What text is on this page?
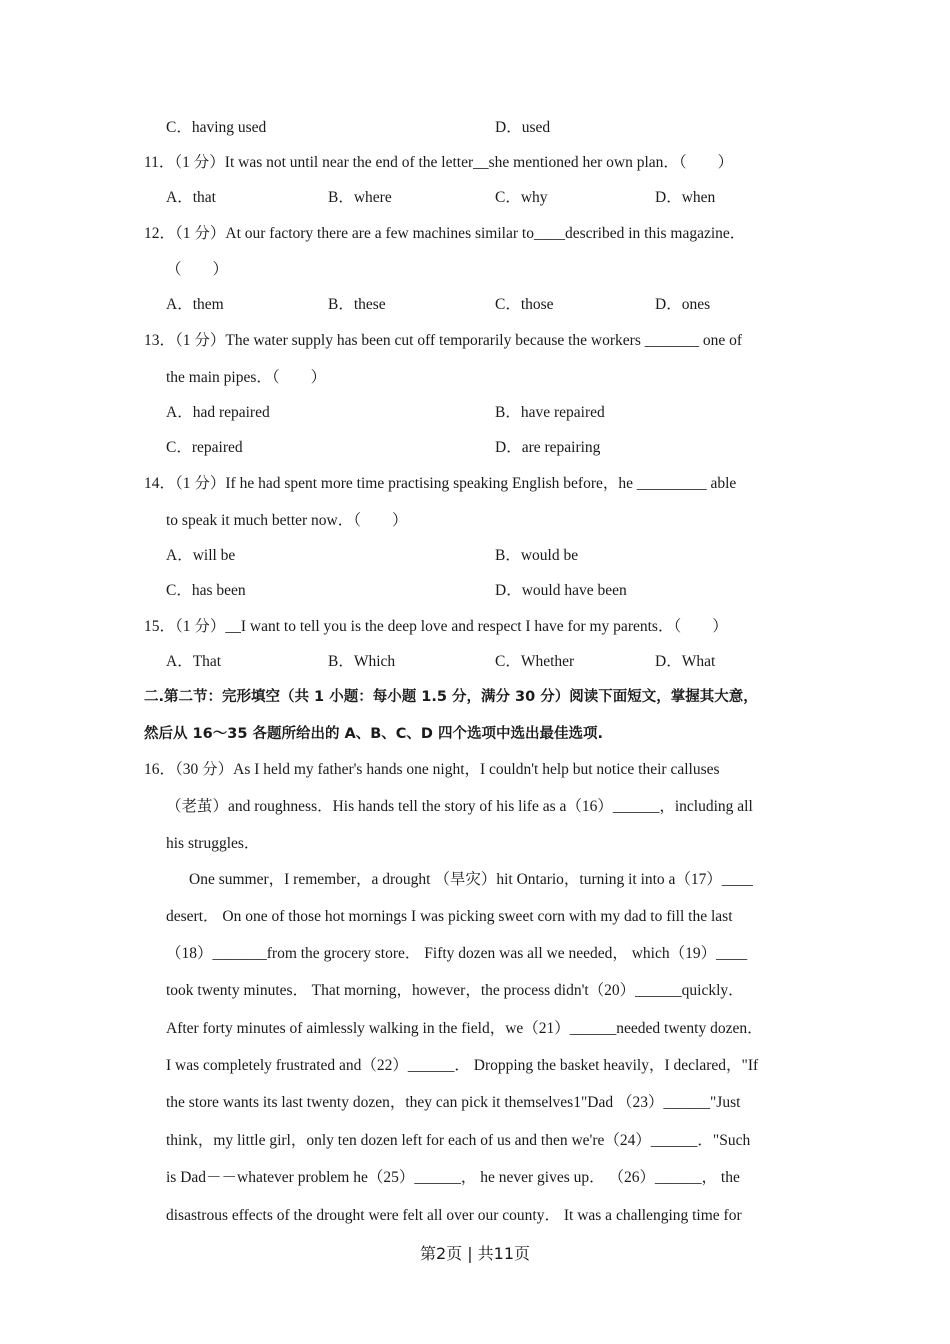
C．having used	D．used
11．（1 分）It was not until near the end of the letter__she mentioned her own plan．（　　）
A．that	B．where	C．why	D．when
12．（1 分）At our factory there are a few machines similar to____described in this magazine．
（　　）
A．them	B．these	C．those	D．ones
13．（1 分）The water supply has been cut off temporarily because the workers _______ one of
the main pipes．（　　）
A．had repaired	B．have repaired
C．repaired	D．are repairing
14．（1 分）If he had spent more time practising speaking English before，he _________ able
to speak it much better now．（　　）
A．will be	B．would be
C．has been	D．would have been
15．（1 分）__I want to tell you is the deep love and respect I have for my parents．（　　）
A．That	B．Which	C．Whether	D．What
二.第二节：完形填空（共 1 小题：每小题 1.5 分，满分 30 分）阅读下面短文，掌握其大意，
然后从 16～35 各题所给出的 A、B、C、D 四个选项中选出最佳选项.
16．（30 分）As I held my father's hands one night，I couldn't help but notice their calluses
（老茧）and roughness．His hands tell the story of his life as a（16）______，including all
his struggles．
One summer，I remember，a drought （旱灾）hit Ontario，turning it into a（17）____
desert． On one of those hot mornings I was picking sweet corn with my dad to fill the last
（18）_______from the grocery store． Fifty dozen was all we needed， which（19）____
took twenty minutes． That morning，however，the process didn't（20）______quickly．
After forty minutes of aimlessly walking in the field，we（21）______needed twenty dozen．
I was completely frustrated and（22）______． Dropping the basket heavily，I declared，"If
the store wants its last twenty dozen，they can pick it themselves1"Dad （23）______"Just
think，my little girl，only ten dozen left for each of us and then we're（24）______．"Such
is Dad－－whatever problem he（25）______， he never gives up． （26）______， the
disastrous effects of the drought were felt all over our county． It was a challenging time for
第2页 | 共11页
